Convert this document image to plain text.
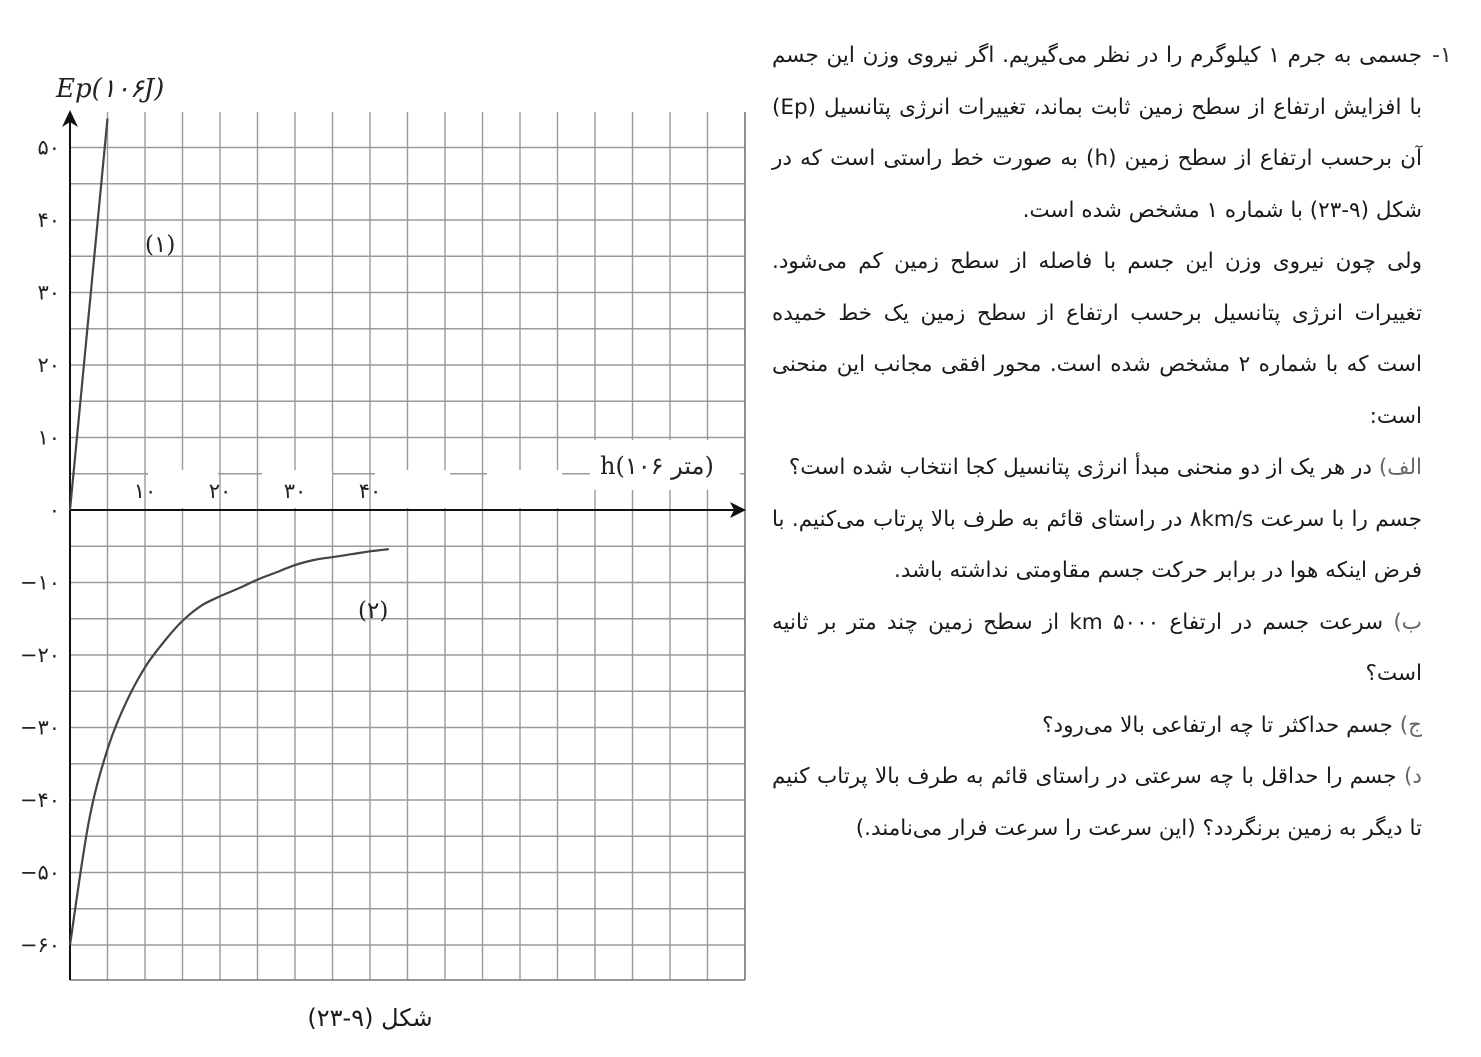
۵۰
۴۰
۳۰
۲۰
۱۰
۰
−۱۰
−۲۰
−۳۰
−۴۰
−۵۰
−۶۰
۱۰ ۲۰ ۳۰ ۴۰
Ep(۱۰۶J)
h(۱۰۶ متر)
(۱)
(۲)
شکل (۹-۲۳)
-۱

جسمی به جرم ۱ کیلوگرم را در نظر می‌گیریم. اگر نیروی وزن این جسم با افزایش ارتفاع از سطح زمین ثابت بماند، تغییرات انرژی پتانسیل (Ep) آن برحسب ارتفاع از سطح زمین (h) به صورت خط راستی است که در شکل (۹-۲۳) با شماره ۱ مشخص شده است.

ولی چون نیروی وزن این جسم با فاصله از سطح زمین کم می‌شود. تغییرات انرژی پتانسیل برحسب ارتفاع از سطح زمین یک خط خمیده است که با شماره ۲ مشخص شده است. محور افقی مجانب این منحنی است:

الف) در هر یک از دو منحنی مبدأ انرژی پتانسیل کجا انتخاب شده است؟

جسم را با سرعت ۸km/s در راستای قائم به طرف بالا پرتاب می‌کنیم. با فرض اینکه هوا در برابر حرکت جسم مقاومتی نداشته باشد.

ب) سرعت جسم در ارتفاع ۵۰۰۰ km از سطح زمین چند متر بر ثانیه است؟

ج) جسم حداکثر تا چه ارتفاعی بالا می‌رود؟

د) جسم را حداقل با چه سرعتی در راستای قائم به طرف بالا پرتاب کنیم تا دیگر به زمین برنگردد؟ (این سرعت را سرعت فرار می‌نامند.)
